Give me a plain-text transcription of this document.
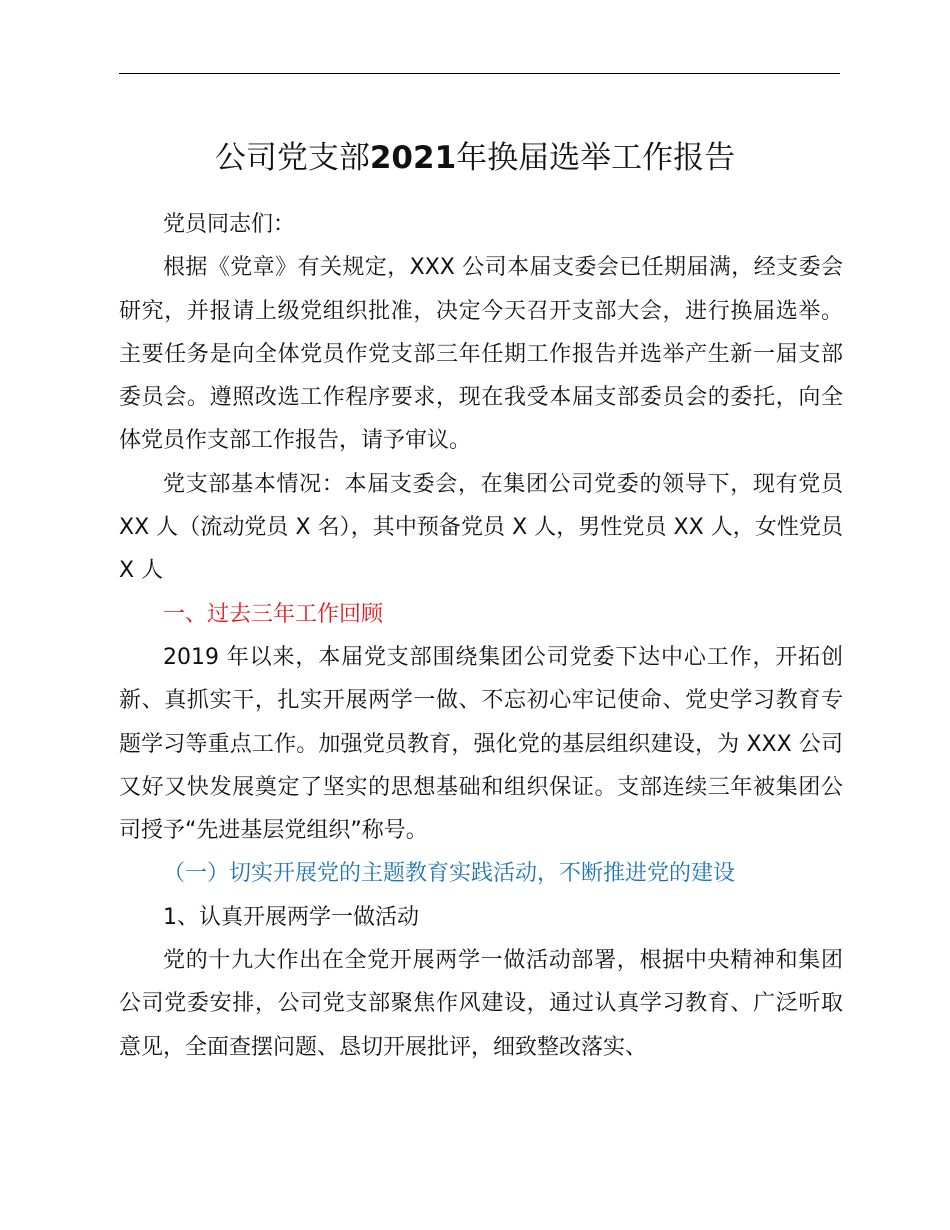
公司党支部2021年换届选举工作报告

党员同志们：

根据《党章》有关规定，XXX 公司本届支委会已任期届满，经支委会研究，并报请上级党组织批准，决定今天召开支部大会，进行换届选举。主要任务是向全体党员作党支部三年任期工作报告并选举产生新一届支部委员会。遵照改选工作程序要求，现在我受本届支部委员会的委托，向全体党员作支部工作报告，请予审议。

党支部基本情况：本届支委会，在集团公司党委的领导下，现有党员 XX 人（流动党员 X 名），其中预备党员 X 人，男性党员 XX 人，女性党员 X 人

一、过去三年工作回顾

2019 年以来，本届党支部围绕集团公司党委下达中心工作，开拓创新、真抓实干，扎实开展两学一做、不忘初心牢记使命、党史学习教育专题学习等重点工作。加强党员教育，强化党的基层组织建设，为 XXX 公司又好又快发展奠定了坚实的思想基础和组织保证。支部连续三年被集团公司授予“先进基层党组织”称号。

（一）切实开展党的主题教育实践活动，不断推进党的建设

1、认真开展两学一做活动

党的十九大作出在全党开展两学一做活动部署，根据中央精神和集团公司党委安排，公司党支部聚焦作风建设，通过认真学习教育、广泛听取意见，全面查摆问题、恳切开展批评，细致整改落实、
